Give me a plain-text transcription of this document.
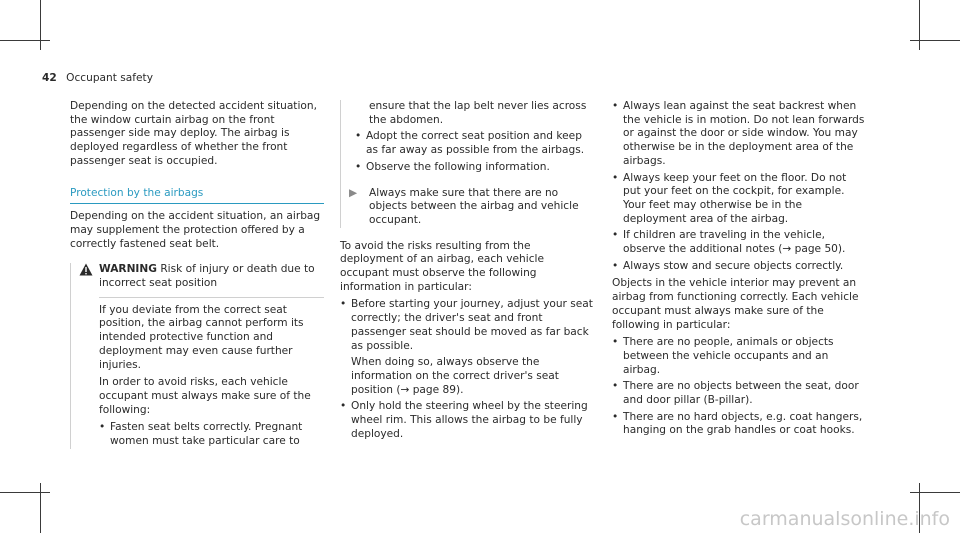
42 Occupant safety

Depending on the detected accident situation, the window curtain airbag on the front passenger side may deploy. The airbag is deployed regardless of whether the front passenger seat is occupied.

Protection by the airbags

Depending on the accident situation, an airbag may supplement the protection offered by a correctly fastened seat belt.

WARNING Risk of injury or death due to incorrect seat position

If you deviate from the correct seat position, the airbag cannot perform its intended protective function and deployment may even cause further injuries.

In order to avoid risks, each vehicle occupant must always make sure of the following:

• Fasten seat belts correctly. Pregnant women must take particular care to

ensure that the lap belt never lies across the abdomen.

• Adopt the correct seat position and keep as far away as possible from the airbags.
• Observe the following information.
▶ Always make sure that there are no objects between the airbag and vehicle occupant.

To avoid the risks resulting from the deployment of an airbag, each vehicle occupant must observe the following information in particular:

• Before starting your journey, adjust your seat correctly; the driver's seat and front passenger seat should be moved as far back as possible.
When doing so, always observe the information on the correct driver's seat position (→ page 89).
• Only hold the steering wheel by the steering wheel rim. This allows the airbag to be fully deployed.
• Always lean against the seat backrest when the vehicle is in motion. Do not lean forwards or against the door or side window. You may otherwise be in the deployment area of the airbags.
• Always keep your feet on the floor. Do not put your feet on the cockpit, for example. Your feet may otherwise be in the deployment area of the airbag.
• If children are traveling in the vehicle, observe the additional notes (→ page 50).
• Always stow and secure objects correctly.

Objects in the vehicle interior may prevent an airbag from functioning correctly. Each vehicle occupant must always make sure of the following in particular:

• There are no people, animals or objects between the vehicle occupants and an airbag.
• There are no objects between the seat, door and door pillar (B-pillar).
• There are no hard objects, e.g. coat hangers, hanging on the grab handles or coat hooks.
carmanualsonline.info
